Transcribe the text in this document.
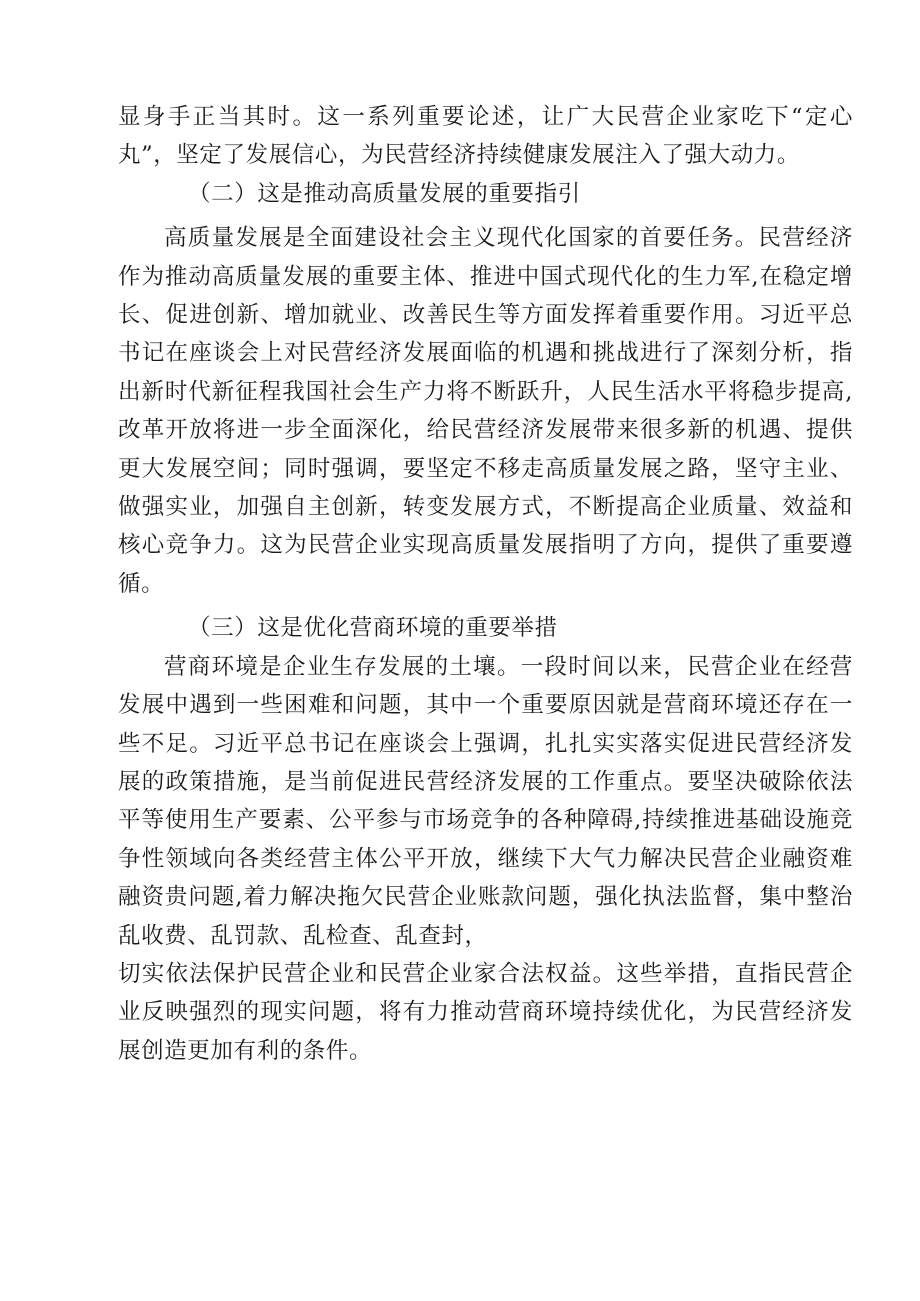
显身手正当其时。这一系列重要论述，让广大民营企业家吃下“定心丸”，坚定了发展信心，为民营经济持续健康发展注入了强大动力。

（二）这是推动高质量发展的重要指引

高质量发展是全面建设社会主义现代化国家的首要任务。民营经济作为推动高质量发展的重要主体、推进中国式现代化的生力军,在稳定增长、促进创新、增加就业、改善民生等方面发挥着重要作用。习近平总书记在座谈会上对民营经济发展面临的机遇和挑战进行了深刻分析，指出新时代新征程我国社会生产力将不断跃升，人民生活水平将稳步提高,改革开放将进一步全面深化，给民营经济发展带来很多新的机遇、提供更大发展空间；同时强调，要坚定不移走高质量发展之路，坚守主业、做强实业，加强自主创新，转变发展方式，不断提高企业质量、效益和核心竞争力。这为民营企业实现高质量发展指明了方向，提供了重要遵循。

（三）这是优化营商环境的重要举措

营商环境是企业生存发展的土壤。一段时间以来，民营企业在经营发展中遇到一些困难和问题，其中一个重要原因就是营商环境还存在一些不足。习近平总书记在座谈会上强调，扎扎实实落实促进民营经济发展的政策措施，是当前促进民营经济发展的工作重点。要坚决破除依法平等使用生产要素、公平参与市场竞争的各种障碍,持续推进基础设施竞争性领域向各类经营主体公平开放，继续下大气力解决民营企业融资难融资贵问题,着力解决拖欠民营企业账款问题，强化执法监督，集中整治乱收费、乱罚款、乱检查、乱查封，

切实依法保护民营企业和民营企业家合法权益。这些举措，直指民营企业反映强烈的现实问题，将有力推动营商环境持续优化，为民营经济发展创造更加有利的条件。
